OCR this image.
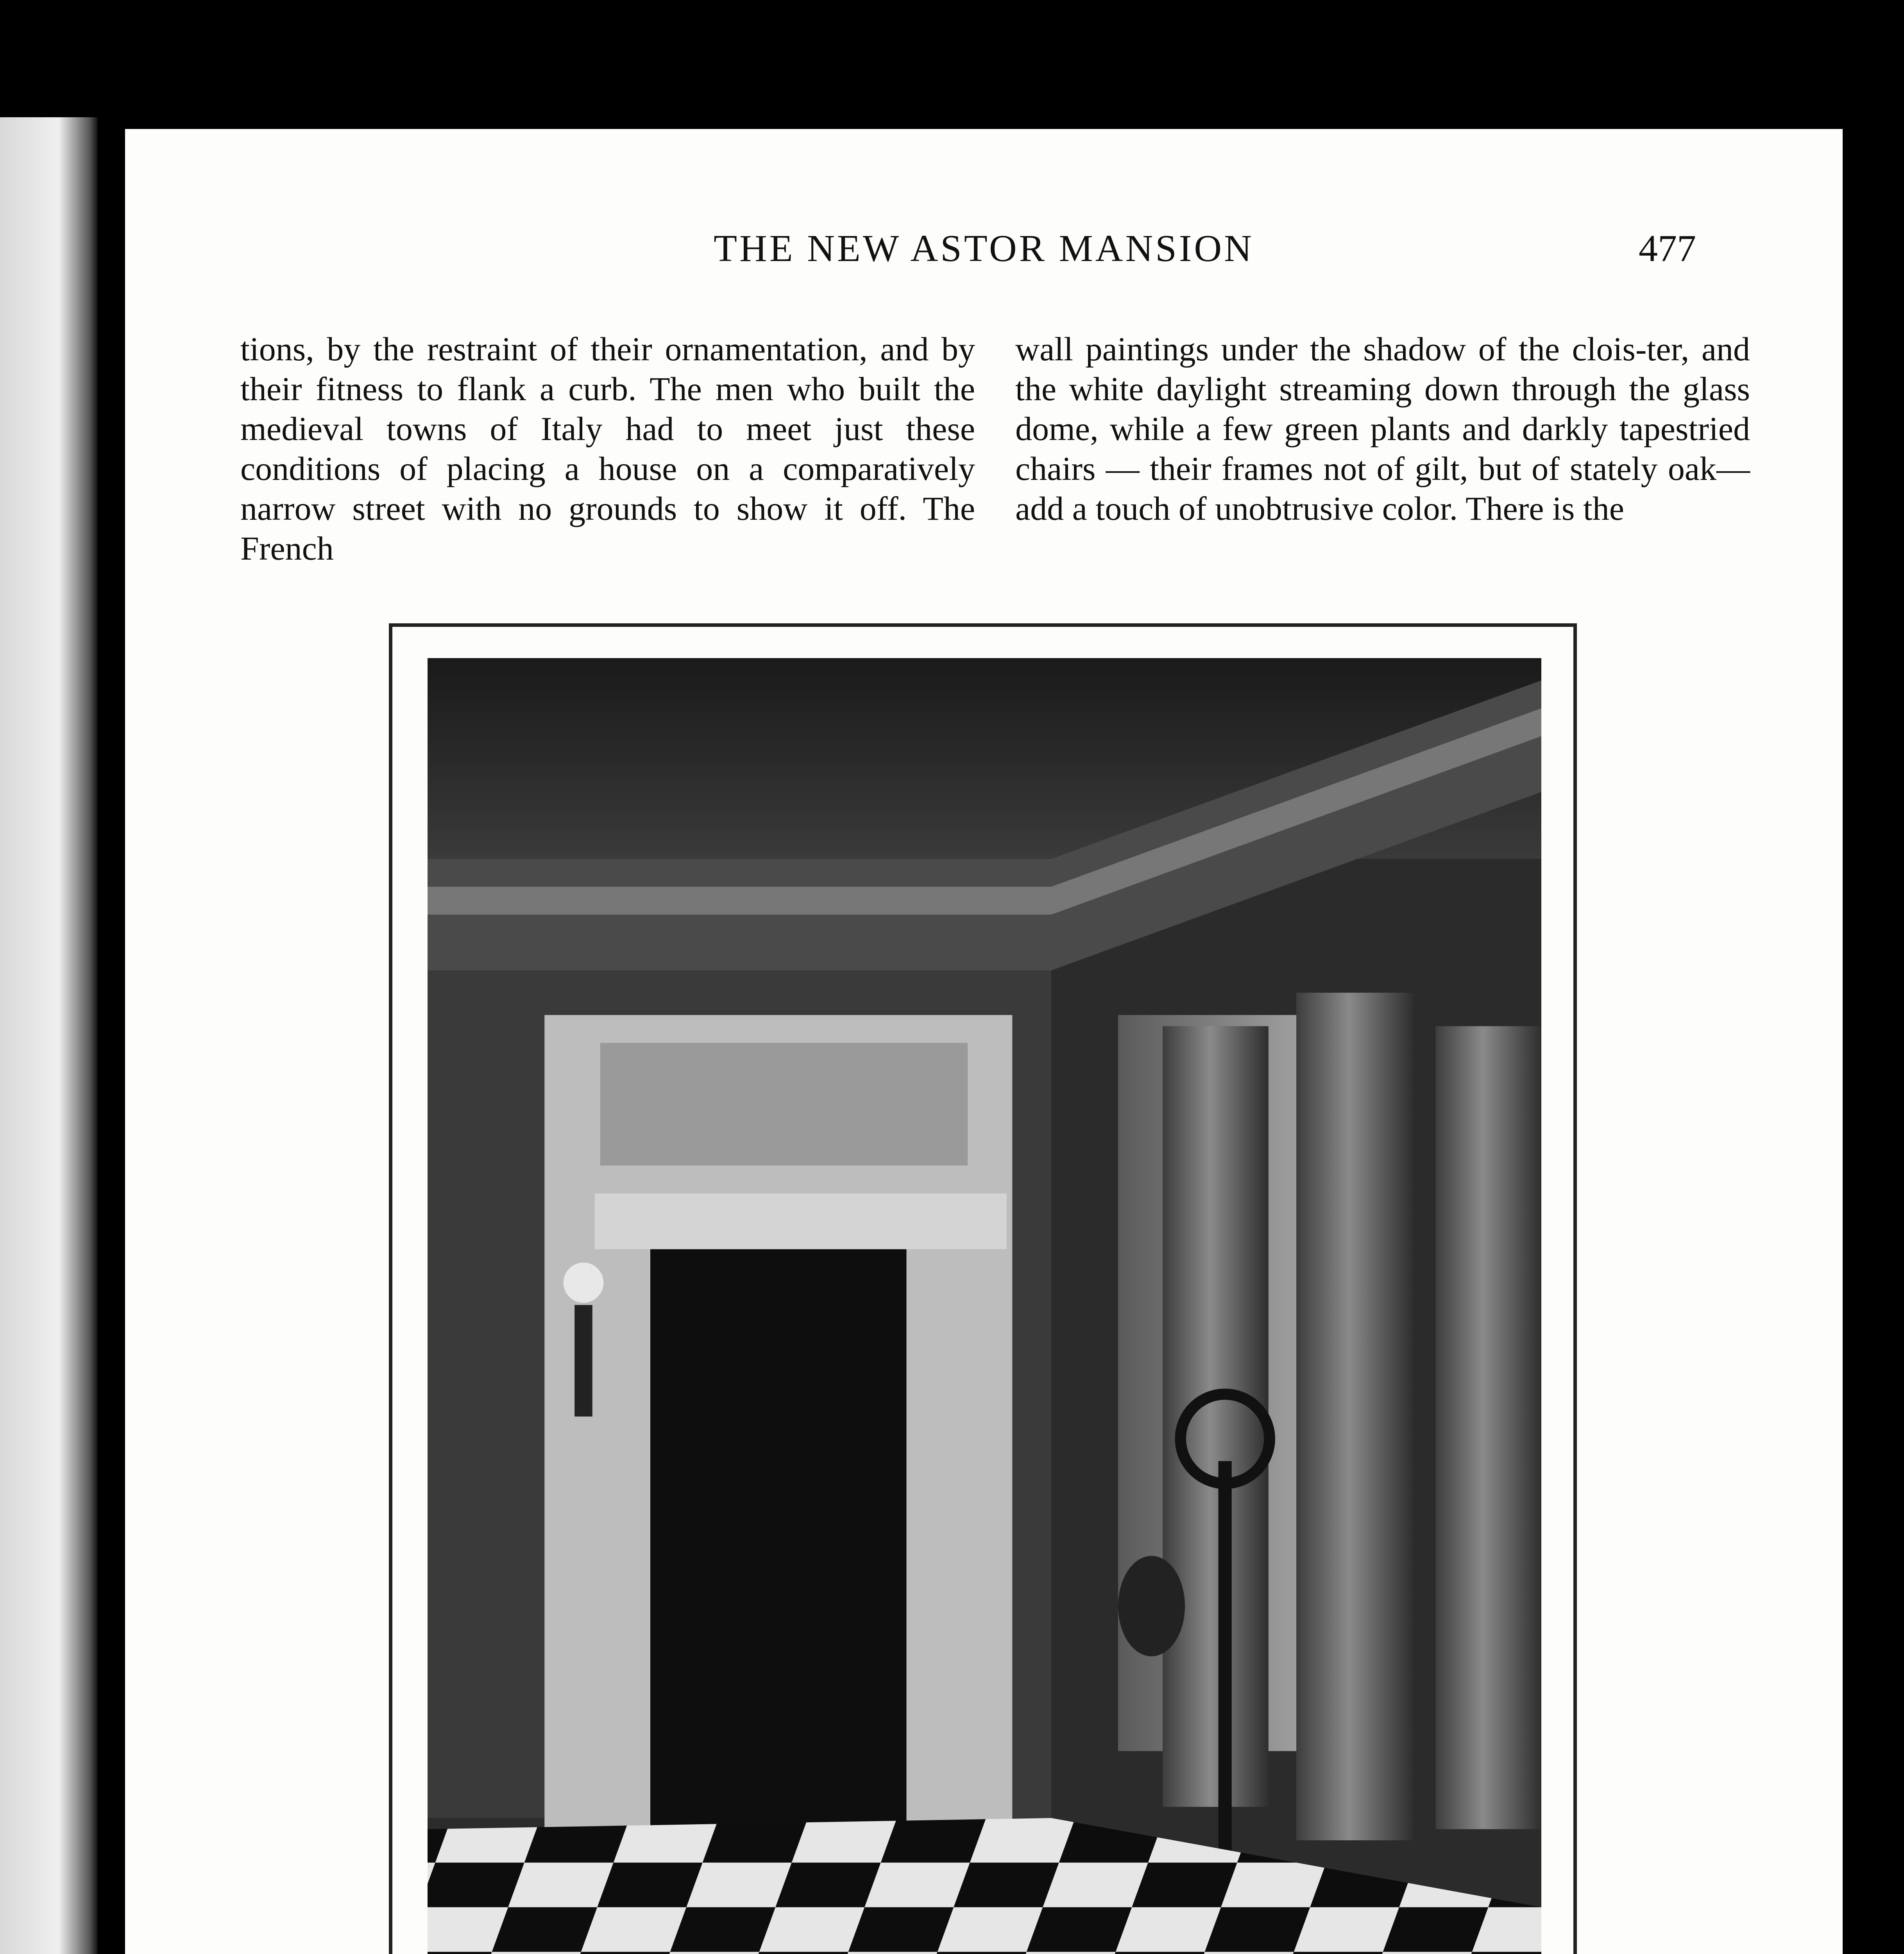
THE NEW ASTOR MANSION	477

tions, by the restraint of their ornamentation, and by their fitness to flank a curb. The men who built the medieval towns of Italy had to meet just these conditions of placing a house on a comparatively narrow street with no grounds to show it off. The French

wall paintings under the shadow of the clois-ter, and the white daylight streaming down through the glass dome, while a few green plants and darkly tapestried chairs — their frames not of gilt, but of stately oak—add a touch of unobtrusive color. There is the
